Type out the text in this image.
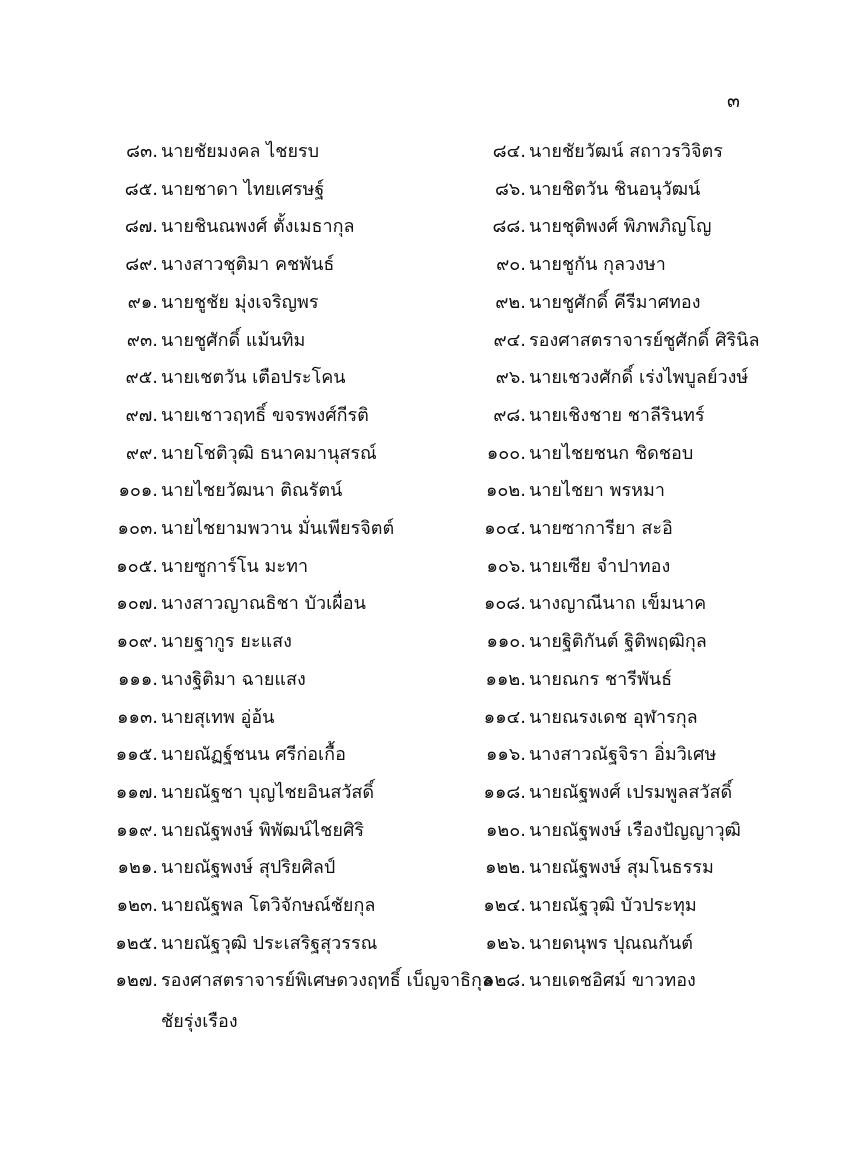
๓
๘๓. นายชัยมงคล ไชยรบ
๘๕. นายชาดา ไทยเศรษฐ์
๘๗. นายชินณพงศ์ ตั้งเมธากุล
๘๙. นางสาวชุติมา คชพันธ์
๙๑. นายชูชัย มุ่งเจริญพร
๙๓. นายชูศักดิ์ แม้นทิม
๙๕. นายเชตวัน เตือประโคน
๙๗. นายเชาวฤทธิ์ ขจรพงศ์กีรติ
๙๙. นายโชติวุฒิ ธนาคมานุสรณ์
๑๐๑. นายไชยวัฒนา ติณรัตน์
๑๐๓. นายไชยามพวาน มั่นเพียรจิตต์
๑๐๕. นายซูการ์โน มะทา
๑๐๗. นางสาวญาณธิชา บัวเผื่อน
๑๐๙. นายฐากูร ยะแสง
๑๑๑. นางฐิติมา ฉายแสง
๑๑๓. นายสุเทพ อู่อ้น
๑๑๕. นายณัฏฐ์ชนน ศรีก่อเกื้อ
๑๑๗. นายณัฐชา บุญไชยอินสวัสดิ์
๑๑๙. นายณัฐพงษ์ พิพัฒน์ไชยศิริ
๑๒๑. นายณัฐพงษ์ สุปริยศิลป์
๑๒๓. นายณัฐพล โตวิจักษณ์ชัยกุล
๑๒๕. นายณัฐวุฒิ ประเสริฐสุวรรณ
๑๒๗. รองศาสตราจารย์พิเศษดวงฤทธิ์ เบ็ญจาธิกุล
๘๔. นายชัยวัฒน์ สถาวรวิจิตร
๘๖. นายชิตวัน ชินอนุวัฒน์
๘๘. นายชุติพงศ์ พิภพภิญโญ
๙๐. นายชูกัน กุลวงษา
๙๒. นายชูศักดิ์ คีรีมาศทอง
๙๔. รองศาสตราจารย์ชูศักดิ์ ศิรินิล
๙๖. นายเชวงศักดิ์ เร่งไพบูลย์วงษ์
๙๘. นายเชิงชาย ชาลีรินทร์
๑๐๐. นายไชยชนก ชิดชอบ
๑๐๒. นายไชยา พรหมา
๑๐๔. นายซาการียา สะอิ
๑๐๖. นายเซีย จำปาทอง
๑๐๘. นางญาณีนาถ เข็มนาค
๑๑๐. นายฐิติกันต์ ฐิติพฤฒิกุล
๑๑๒. นายณกร ชารีพันธ์
๑๑๔. นายณรงเดช อุฬารกุล
๑๑๖. นางสาวณัฐจิรา อิ่มวิเศษ
๑๑๘. นายณัฐพงศ์ เปรมพูลสวัสดิ์
๑๒๐. นายณัฐพงษ์ เรืองปัญญาวุฒิ
๑๒๒. นายณัฐพงษ์ สุมโนธรรม
๑๒๔. นายณัฐวุฒิ บัวประทุม
๑๒๖. นายดนุพร ปุณณกันต์
๑๒๘. นายเดชอิศม์ ขาวทอง
ชัยรุ่งเรือง
